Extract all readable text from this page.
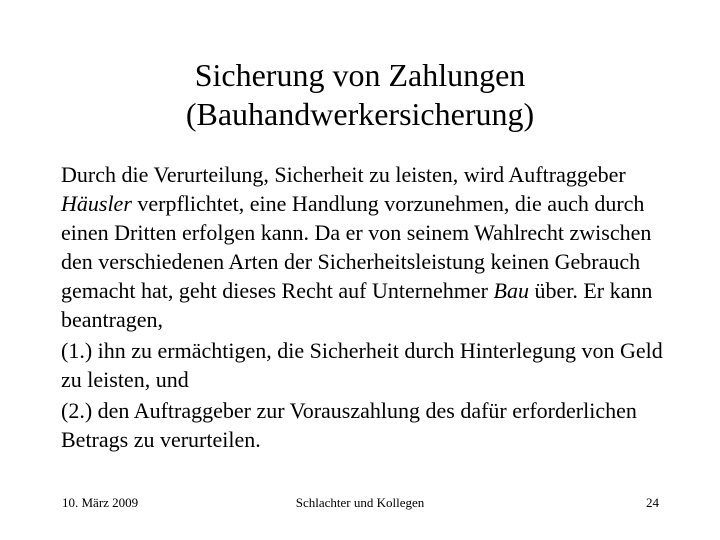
Sicherung von Zahlungen
(Bauhandwerkersicherung)

Durch die Verurteilung, Sicherheit zu leisten, wird Auftraggeber Häusler verpflichtet, eine Handlung vorzunehmen, die auch durch einen Dritten erfolgen kann. Da er von seinem Wahlrecht zwischen den verschiedenen Arten der Sicherheitsleistung keinen Gebrauch gemacht hat, geht dieses Recht auf Unternehmer Bau über. Er kann beantragen,

(1.) ihn zu ermächtigen, die Sicherheit durch Hinterlegung von Geld zu leisten, und

(2.) den Auftraggeber zur Vorauszahlung des dafür erforderlichen Betrags zu verurteilen.

10. März 2009	Schlachter und Kollegen	24
